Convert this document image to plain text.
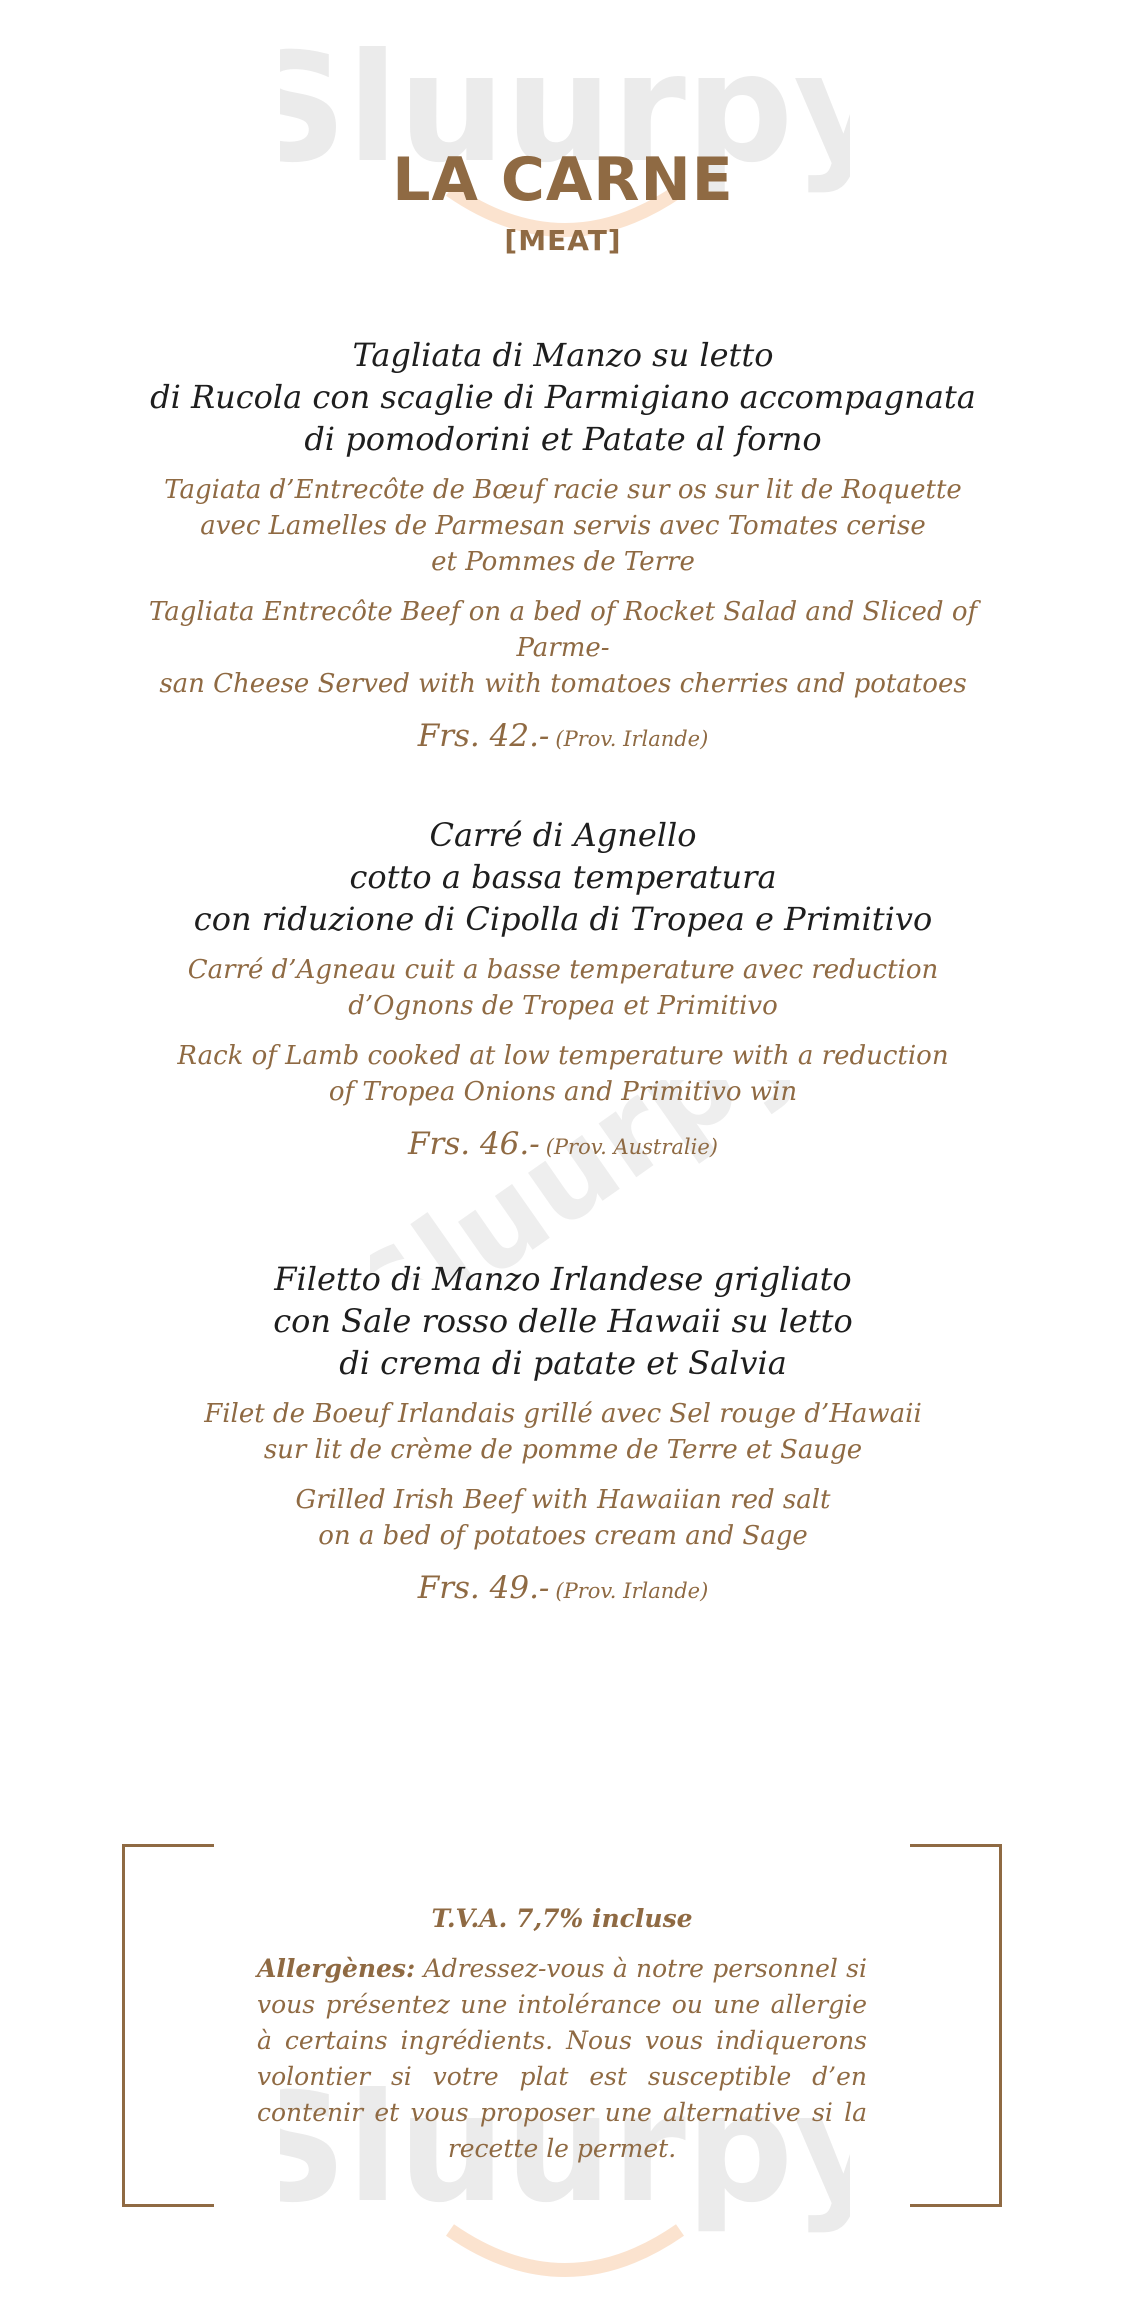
Sluurpy
Sluurpy
LA CARNE
[MEAT]
Tagliata di Manzo su letto
di Rucola con scaglie di Parmigiano accompagnata
di pomodorini et Patate al forno
Tagiata d’Entrecôte de Bœuf racie sur os sur lit de Roquette
avec Lamelles de Parmesan servis avec Tomates cerise
et Pommes de Terre
Tagliata Entrecôte Beef on a bed of Rocket Salad and Sliced of Parme-
san Cheese Served with with tomatoes cherries and potatoes
Frs. 42.- (Prov. Irlande)
Carré di Agnello
cotto a bassa temperatura
con riduzione di Cipolla di Tropea e Primitivo
Carré d’Agneau cuit a basse temperature avec reduction
d’Ognons de Tropea et Primitivo
Rack of Lamb cooked at low temperature with a reduction
of Tropea Onions and Primitivo win
Frs. 46.- (Prov. Australie)
Filetto di Manzo Irlandese grigliato
con Sale rosso delle Hawaii su letto
di crema di patate et Salvia
Filet de Boeuf Irlandais grillé avec Sel rouge d’Hawaii
sur lit de crème de pomme de Terre et Sauge
Grilled Irish Beef with Hawaiian red salt
on a bed of potatoes cream and Sage
Frs. 49.- (Prov. Irlande)
T.V.A. 7,7% incluse
Allergènes: Adressez-vous à notre personnel si vous présentez une intolérance ou une allergie à certains ingrédients. Nous vous indiquerons volontier si votre plat est susceptible d’en contenir et vous proposer une alternative si la recette le permet.
